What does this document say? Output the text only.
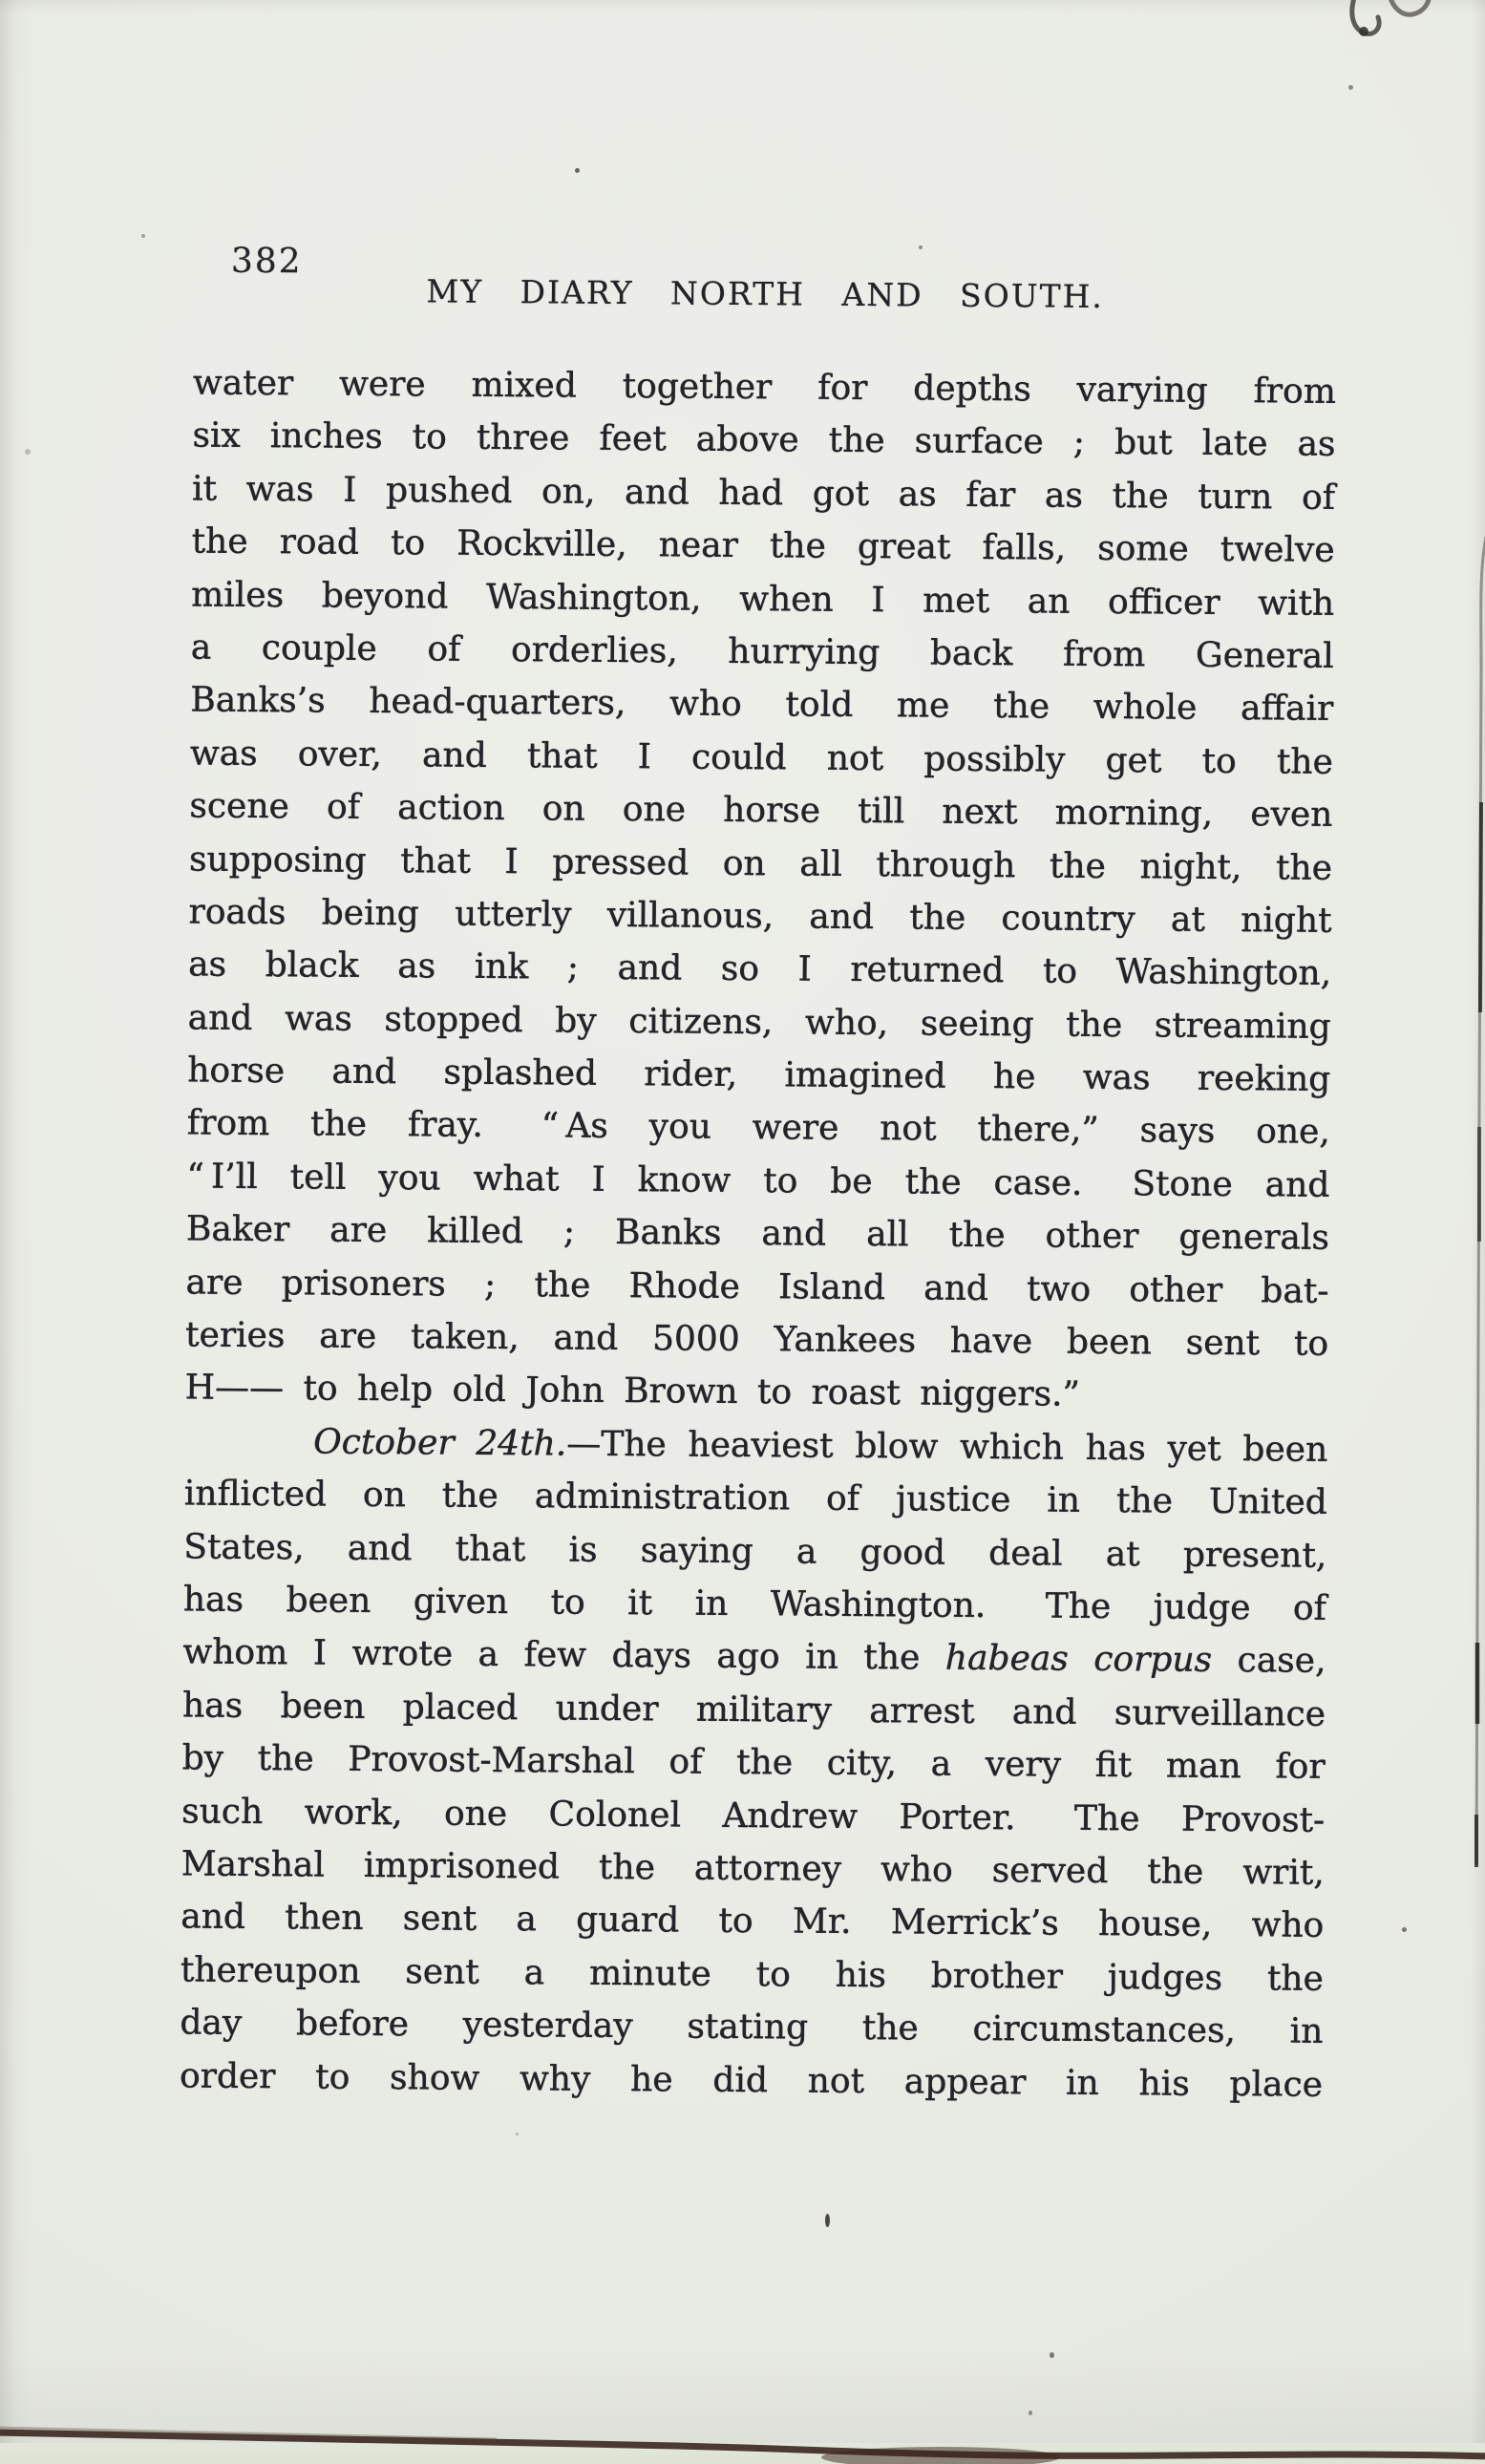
382
MY DIARY NORTH AND SOUTH.
water were mixed together for depths varying from
six inches to three feet above the surface ; but late as
it was I pushed on, and had got as far as the turn of
the road to Rockville, near the great falls, some twelve
miles beyond Washington, when I met an officer with
a couple of orderlies, hurrying back from General
Banks’s head-quarters, who told me the whole affair
was over, and that I could not possibly get to the
scene of action on one horse till next morning, even
supposing that I pressed on all through the night, the
roads being utterly villanous, and the country at night
as black as ink ; and so I returned to Washington,
and was stopped by citizens, who, seeing the streaming
horse and splashed rider, imagined he was reeking
from the fray.  “ As you were not there,” says one,
“ I’ll tell you what I know to be the case.  Stone and
Baker are killed ; Banks and all the other generals
are prisoners ; the Rhode Island and two other bat-
teries are taken, and 5000 Yankees have been sent to
H—— to help old John Brown to roast niggers.”
October 24th.—The heaviest blow which has yet been
inflicted on the administration of justice in the United
States, and that is saying a good deal at present,
has been given to it in Washington.  The judge of
whom I wrote a few days ago in the habeas corpus case,
has been placed under military arrest and surveillance
by the Provost-Marshal of the city, a very fit man for
such work, one Colonel Andrew Porter.  The Provost-
Marshal imprisoned the attorney who served the writ,
and then sent a guard to Mr. Merrick’s house, who
thereupon sent a minute to his brother judges the
day before yesterday stating the circumstances, in
order to show why he did not appear in his place
